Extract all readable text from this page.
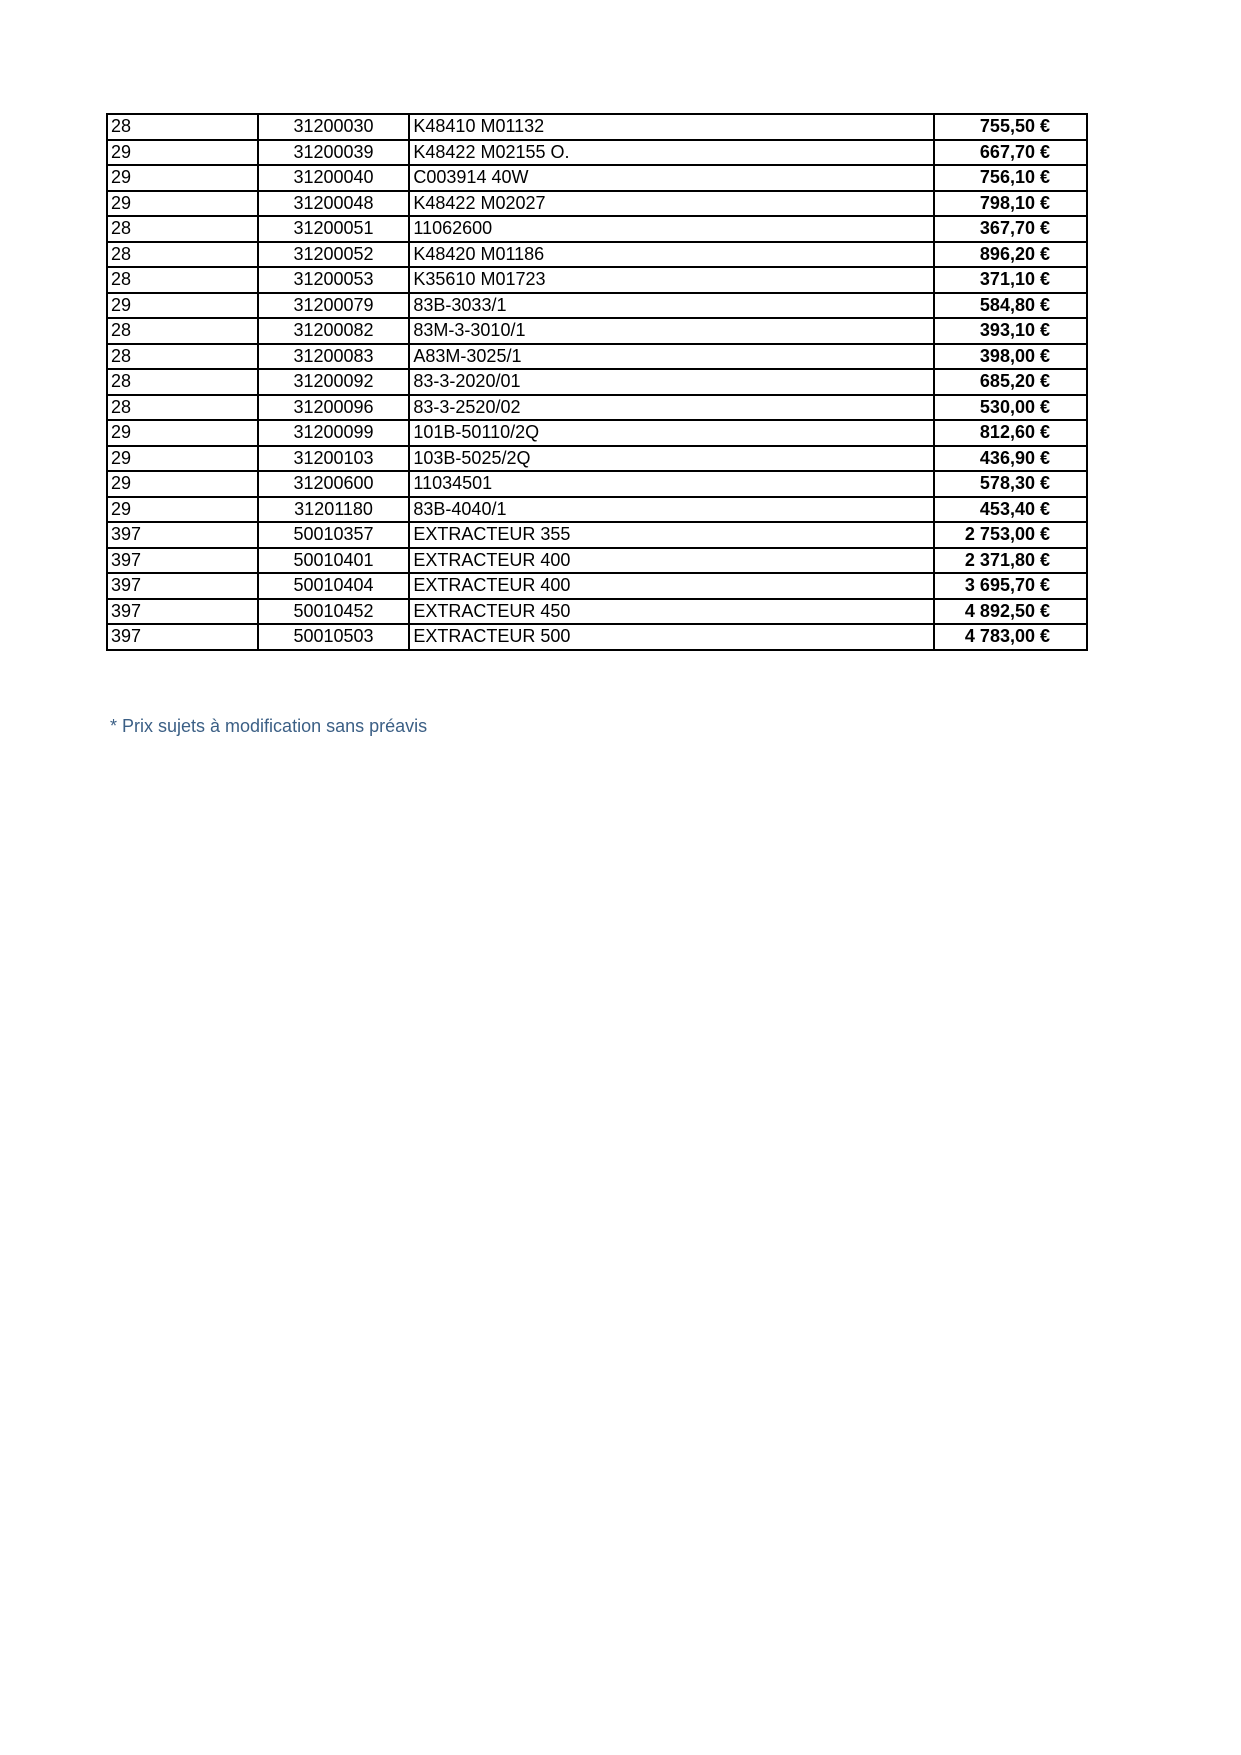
28	31200030	K48410 M01132	755,50 €
29	31200039	K48422 M02155 O.	667,70 €
29	31200040	C003914 40W	756,10 €
29	31200048	K48422 M02027	798,10 €
28	31200051	11062600	367,70 €
28	31200052	K48420 M01186	896,20 €
28	31200053	K35610 M01723	371,10 €
29	31200079	83B-3033/1	584,80 €
28	31200082	83M-3-3010/1	393,10 €
28	31200083	A83M-3025/1	398,00 €
28	31200092	83-3-2020/01	685,20 €
28	31200096	83-3-2520/02	530,00 €
29	31200099	101B-50110/2Q	812,60 €
29	31200103	103B-5025/2Q	436,90 €
29	31200600	11034501	578,30 €
29	31201180	83B-4040/1	453,40 €
397	50010357	EXTRACTEUR 355	2 753,00 €
397	50010401	EXTRACTEUR 400	2 371,80 €
397	50010404	EXTRACTEUR 400	3 695,70 €
397	50010452	EXTRACTEUR 450	4 892,50 €
397	50010503	EXTRACTEUR 500	4 783,00 €

* Prix sujets à modification sans préavis
